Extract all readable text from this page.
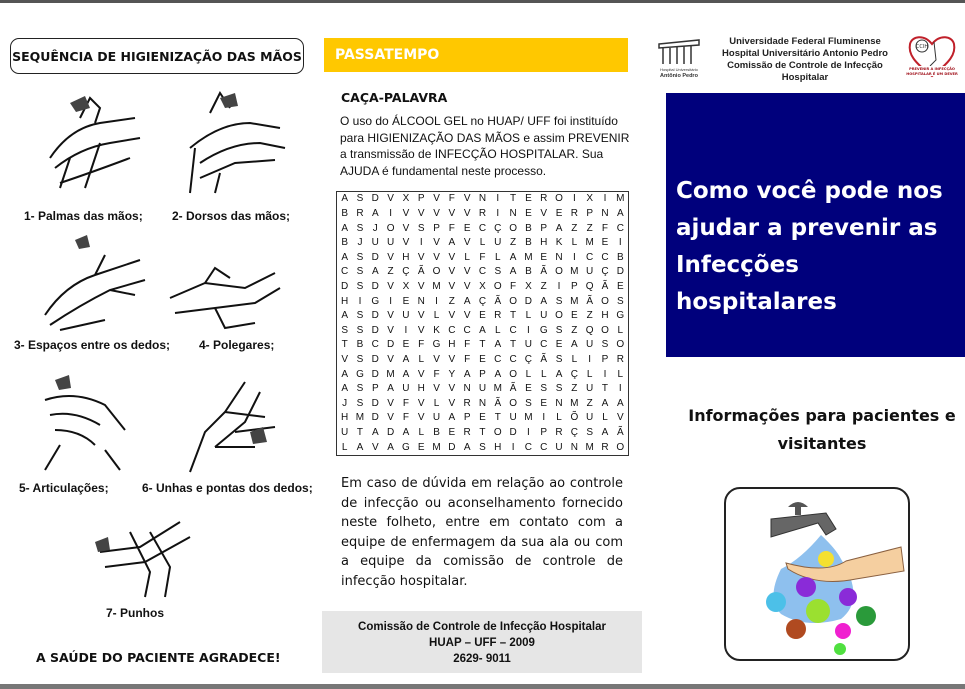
SEQUÊNCIA DE HIGIENIZAÇÃO DAS MÃOS
1- Palmas das mãos; 2- Dorsos das mãos;
3- Espaços entre os dedos; 4- Polegares;
5- Articulações;	6- Unhas e pontas dos dedos;
7- Punhos
A SAÚDE DO PACIENTE AGRADECE!
PASSATEMPO
CAÇA-PALAVRA
O uso do ÁLCOOL GEL no HUAP/ UFF foi instituído para HIGIENIZAÇÃO DAS MÃOS e assim PREVENIR a transmissão de INFECÇÃO HOSPITALAR. Sua AJUDA é fundamental neste processo.
A	S	D	V	X	P	V	F	V	N	I	T	E	R	O	I	X	I	M
B	R	A	I	V	V	V	V	V	R	I	N	E	V	E	R	P	N	A
A	S	J	O	V	S	P	F	E	C	Ç	O	B	P	A	Z	Z	F	C
B	J	U	U	V	I	V	A	V	L	U	Z	B	H	K	L	M	E	I
A	S	D	V	H	V	V	V	L	F	L	A	M	E	N	I	C	C	B
C	S	A	Z	Ç	Ã	O	V	V	C	S	A	B	Ã	O	M	U	Ç	D
D	S	D	V	X	V	M	V	V	X	O	F	X	Z	I	P	Q	Ã	E
H	I	G	I	E	N	I	Z	A	Ç	Ã	O	D	A	S	M	Ã	O	S
A	S	D	V	U	V	L	V	V	E	R	T	L	U	O	E	Z	H	G
S	S	D	V	I	V	K	C	C	A	L	C	I	G	S	Z	Q	O	L
T	B	C	D	E	F	G	H	F	T	A	T	U	C	E	A	U	S	O
V	S	D	V	A	L	V	V	F	E	C	C	Ç	Ã	S	L	I	P	R
A	G	D	M	A	V	F	Y	A	P	A	O	L	L	A	Ç	L	I	L
A	S	P	A	U	H	V	V	N	U	M	Ã	E	S	S	Z	U	T	I
J	S	D	V	F	V	L	V	R	N	Ã	O	S	E	N	M	Z	A	A
H	M	D	V	F	V	U	A	P	E	T	U	M	I	L	Õ	U	L	V
U	T	A	D	A	L	B	E	R	T	O	D	I	P	R	Ç	S	A	Ã
L	A	V	A	G	E	M	D	A	S	H	I	C	C	U	N	M	R	O
Em caso de dúvida em relação ao controle de infecção ou aconselhamento fornecido neste folheto, entre em contato com a equipe de enfermagem da sua ala ou com a equipe da comissão de controle de infecção hospitalar.
Comissão de Controle de Infecção Hospitalar
HUAP – UFF – 2009
2629- 9011
Hospital Universitário
Antônio Pedro
Universidade Federal Fluminense
Hospital Universitário Antonio Pedro
Comissão de Controle de Infecção Hospitalar
CCIH
PREVENIR A INFECÇÃO
HOSPITALAR É UM DEVER
Como você pode nos ajudar a prevenir as Infecções hospitalares
Informações para pacientes e visitantes
